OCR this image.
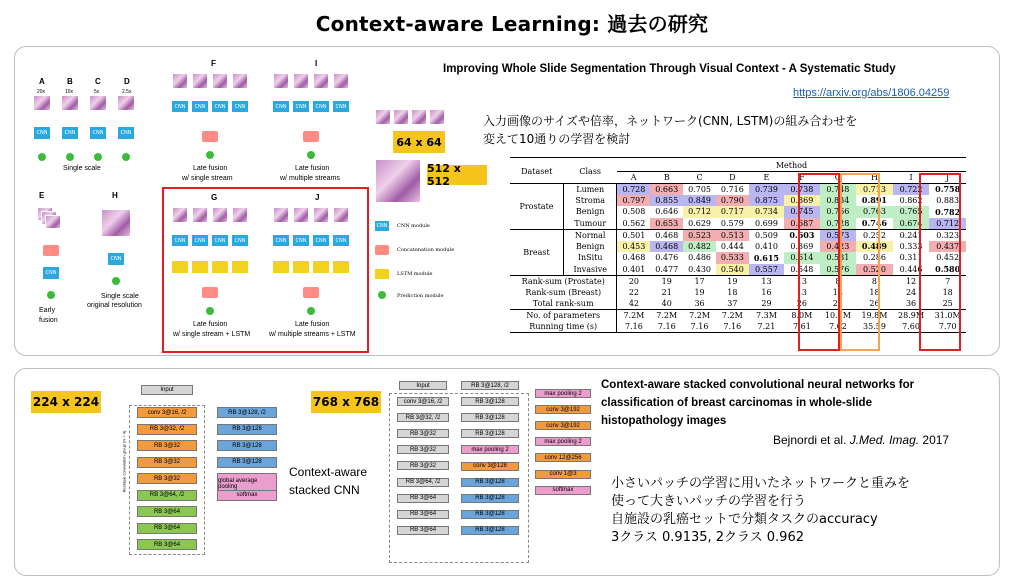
Context-aware Learning: 過去の研究
A	B	C	D
20x	10x	5x	2.5x
CNN	CNN	CNN	CNN
Single scale
E	H
CNN
Early
fusion
CNN
Single scale
original resolution
F
CNN	CNN	CNN	CNN
Late fusion
w/ single stream
I
CNN	CNN	CNN	CNN
Late fusion
w/ multiple streams
G	J
CNN	CNN	CNN	CNN
Late fusion
w/ single stream + LSTM
CNN	CNN	CNN	CNN
Late fusion
w/ multiple streams + LSTM
CNN	CNN module
Concatenation module
LSTM module
Prediction module
64 x 64
512 x 512
Improving Whole Slide Segmentation Through Visual Context - A Systematic Study
https://arxiv.org/abs/1806.04259
入力画像のサイズや倍率，ネットワーク(CNN, LSTM)の組み合わせを
変えて10通りの学習を検討
Dataset	Class	Method									
		A	B	C	D	E	F	G	H	I	J
Prostate	Lumen	0.728	0.663	0.705	0.716	0.739	0.738	0.748	0.713	0.722	0.758
	Stroma	0.797	0.855	0.849	0.790	0.875	0.869	0.884	0.891	0.862	0.883
	Benign	0.508	0.646	0.712	0.717	0.734	0.745	0.766	0.763	0.765	0.782
	Tumour	0.562	0.653	0.629	0.579	0.699	0.687	0.728	0.746	0.674	0.712
Breast	Normal	0.501	0.468	0.523	0.513	0.509	0.603	0.573	0.252	0.241	0.323
	Benign	0.453	0.468	0.482	0.444	0.410	0.369	0.423	0.489	0.333	0.437
	InSitu	0.468	0.476	0.486	0.533	0.615	0.614	0.581	0.286	0.311	0.452
	Invasive	0.401	0.477	0.430	0.540	0.557	0.548	0.576	0.520	0.446	0.580
Rank-sum (Prostate)		20	19	17	19	13	13	8	8	12	7
Rank-sum (Breast)		22	21	19	18	16	13	14	18	24	18
Total rank-sum		42	40	36	37	29	26	22	26	36	25
No. of parameters		7.2M	7.2M	7.2M	7.2M	7.3M	8.0M	10.1M	19.8M	28.9M	31.0M
Running time (s)		7.16	7.16	7.16	7.16	7.21	7.61	7.62	35.59	7.60	7.70
224 x 224	768 x 768
Input
Residual convolution group (N = 4)
conv 3@16, /2
RB 3@32, /2
RB 3@32
RB 3@32
RB 3@32
RB 3@64, /2
RB 3@64
RB 3@64
RB 3@64
RB 3@128, /2
RB 3@128
RB 3@128
RB 3@128
global average pooling
softmax
Context-aware
stacked CNN
Input
conv 3@16, /2
RB 3@32, /2
RB 3@32
RB 3@32
RB 3@32
RB 3@64, /2
RB 3@64
RB 3@64
RB 3@64
RB 3@128, /2
RB 3@128
RB 3@128
RB 3@128
max pooling 2
conv 3@128
RB 3@128
RB 3@128
RB 3@128
RB 3@128
max pooling 2
conv 3@192
conv 3@192
max pooling 2
conv 12@256
conv 1@3
softmax
Context-aware stacked convolutional neural networks for
classification of breast carcinomas in whole-slide
histopathology images
Bejnordi et al. J.Med. Imag. 2017
小さいパッチの学習に用いたネットワークと重みを
使って大きいパッチの学習を行う
自施設の乳癌セットで分類タスクのaccuracy
3クラス 0.9135, 2クラス 0.962
